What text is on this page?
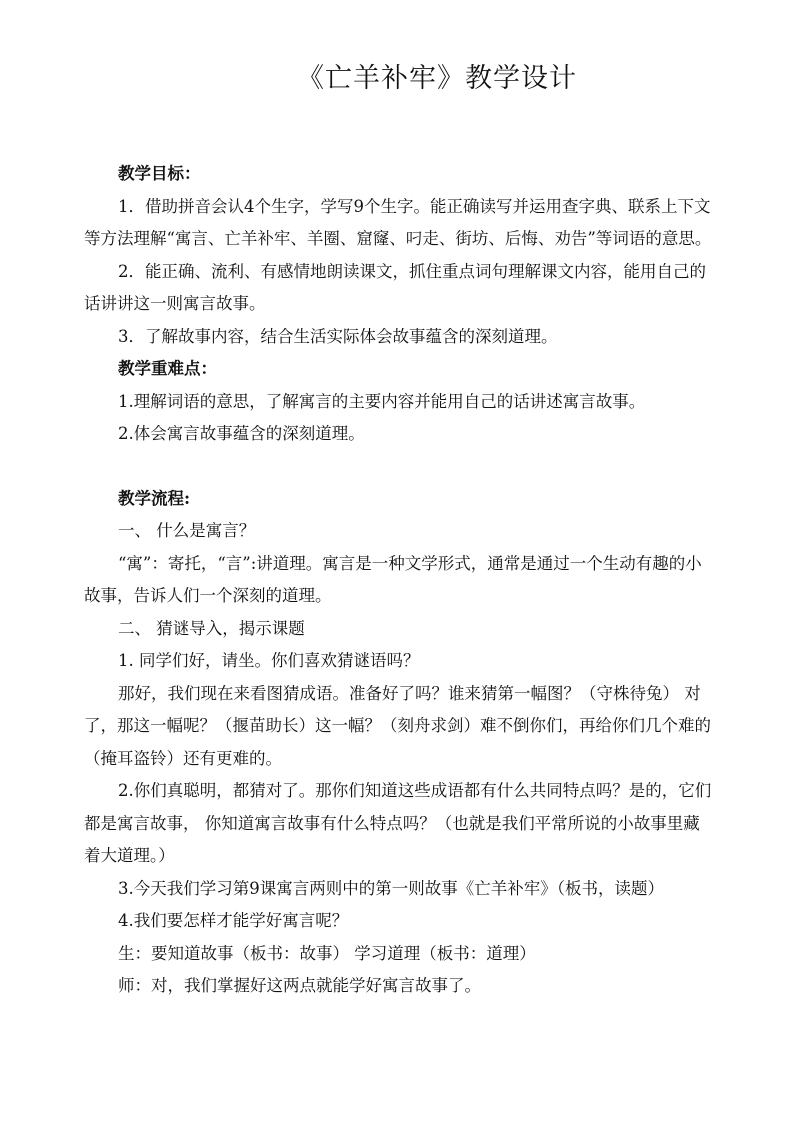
《亡羊补牢》教学设计

教学目标：

1．借助拼音会认4个生字，学写9个生字。能正确读写并运用查字典、联系上下文等方法理解“寓言、亡羊补牢、羊圈、窟窿、叼走、街坊、后悔、劝告”等词语的意思。

2．能正确、流利、有感情地朗读课文，抓住重点词句理解课文内容，能用自己的话讲讲这一则寓言故事。

3．了解故事内容，结合生活实际体会故事蕴含的深刻道理。

教学重难点：

1.理解词语的意思，了解寓言的主要内容并能用自己的话讲述寓言故事。

2.体会寓言故事蕴含的深刻道理。

教学流程:

一、 什么是寓言？

“寓”：寄托，“言”:讲道理。寓言是一种文学形式，通常是通过一个生动有趣的小故事，告诉人们一个深刻的道理。

二、 猜谜导入，揭示课题

1. 同学们好，请坐。你们喜欢猜谜语吗？

那好，我们现在来看图猜成语。准备好了吗？谁来猜第一幅图？（守株待兔） 对了，那这一幅呢？（揠苗助长）这一幅？（刻舟求剑）难不倒你们，再给你们几个难的（掩耳盗铃）还有更难的。

2.你们真聪明，都猜对了。那你们知道这些成语都有什么共同特点吗？是的，它们都是寓言故事， 你知道寓言故事有什么特点吗？（也就是我们平常所说的小故事里藏着大道理。）

3.今天我们学习第9课寓言两则中的第一则故事《亡羊补牢》（板书，读题）

4.我们要怎样才能学好寓言呢？

生：要知道故事（板书：故事） 学习道理（板书：道理）

师：对，我们掌握好这两点就能学好寓言故事了。
